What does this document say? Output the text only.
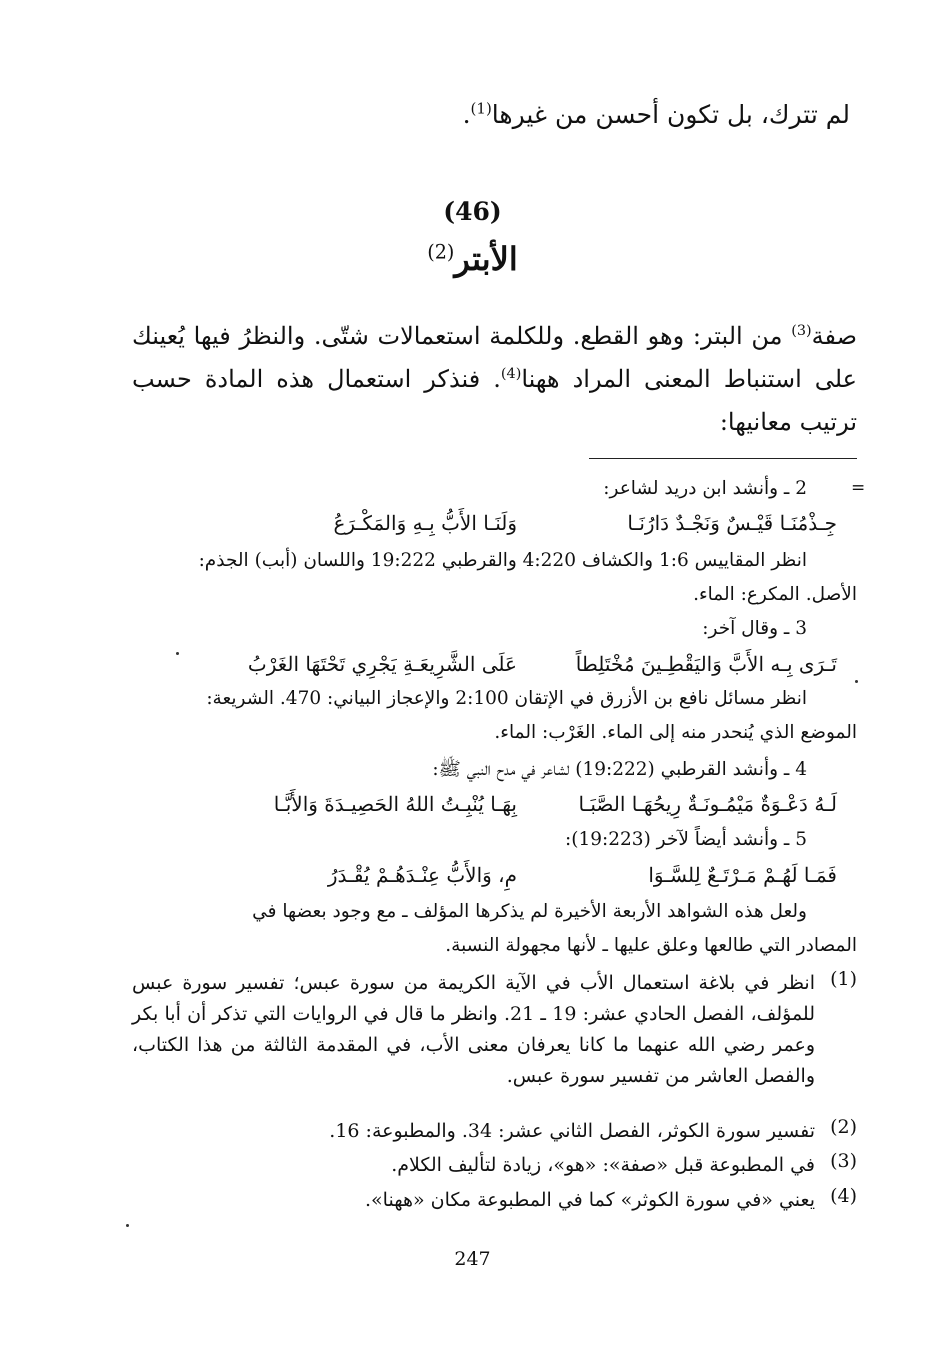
لم تترك، بل تكون أحسن من غيرها$^{(1)}$.
(46)
الأبتر$^{(2)}$
صفة$^{(3)}$ من البتر: وهو القطع. وللكلمة استعمالات شتّى. والنظرُ فيها يُعينك على استنباط المعنى المراد ههنا$^{(4)}$. فنذكر استعمال هذه المادة حسب ترتيب معانيها:
=
2 ـ وأنشد ابن دريد لشاعر:
جِـذْمُنَـا قَيْـسٌ وَنَجْـدٌ دَارُنَـا
وَلَنَـا الأَبُّ بِـهِ وَالمَكْـرَعُ
انظر المقاييس 1:6 والكشاف 4:220 والقرطبي 19:222 واللسان (أبب) الجذم:
الأصل. المكرع: الماء.
3 ـ وقال آخر:
تَـرَى بِـه الأَبَّ وَاليَقْطِـينَ مُخْتَلِطاً
عَلَى الشَّرِيعَـةِ يَجْرِي تَحْتَهَا الغَرْبُ
انظر مسائل نافع بن الأزرق في الإتقان 2:100 والإعجاز البياني: 470. الشريعة:
الموضع الذي يُنحدر منه إلى الماء. الغَرْب: الماء.
4 ـ وأنشد القرطبي (19:222) لشاعر في مدح النبي ﷺ:
لَـهُ دَعْـوَةٌ مَيْمُـونَـةٌ رِيحُهَـا الصَّبَـا
بِهَـا يُنْبِـتُ اللهُ الحَصِيـدَةَ وَالأَبَّـا
5 ـ وأنشد أيضاً لآخر (19:223):
فَمَـا لَهُـمْ مَـرْتَـعٌ لِلسَّـوَا
مِ، وَالأَبُّ عِنْـدَهُـمْ يُقْـدَرُ
ولعل هذه الشواهد الأربعة الأخيرة لم يذكرها المؤلف ـ مع وجود بعضها في
المصادر التي طالعها وعلق عليها ـ لأنها مجهولة النسبة.
(1)
انظر في بلاغة استعمال الأب في الآية الكريمة من سورة عبس؛ تفسير سورة عبس للمؤلف، الفصل الحادي عشر: 19 ـ 21. وانظر ما قال في الروايات التي تذكر أن أبا بكر وعمر رضي الله عنهما ما كانا يعرفان معنى الأب، في المقدمة الثالثة من هذا الكتاب، والفصل العاشر من تفسير سورة عبس.
(2)
تفسير سورة الكوثر، الفصل الثاني عشر: 34. والمطبوعة: 16.
(3)
في المطبوعة قبل «صفة»: «هو»، زيادة لتأليف الكلام.
(4)
يعني «في سورة الكوثر» كما في المطبوعة مكان «ههنا».
247
